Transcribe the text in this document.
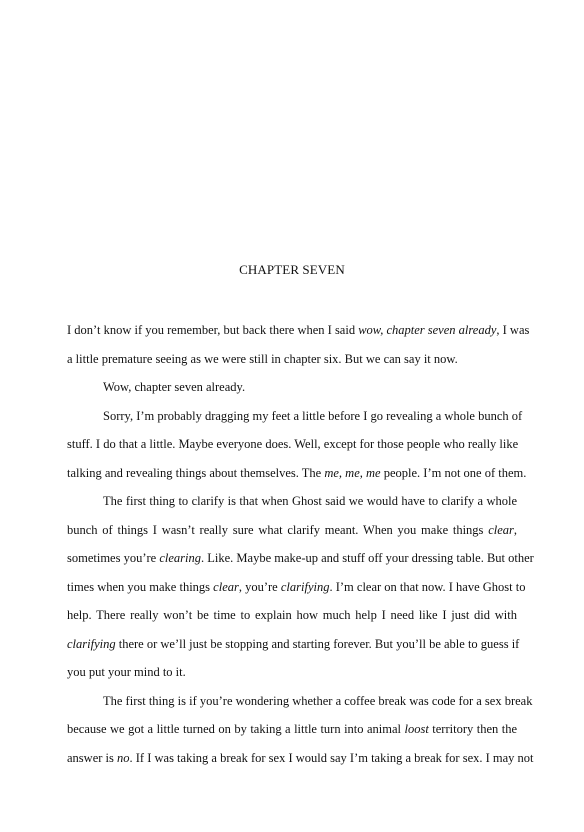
CHAPTER SEVEN
I don’t know if you remember, but back there when I said wow, chapter seven already, I was
a little premature seeing as we were still in chapter six. But we can say it now.
Wow, chapter seven already.
Sorry, I’m probably dragging my feet a little before I go revealing a whole bunch of
stuff. I do that a little. Maybe everyone does. Well, except for those people who really like
talking and revealing things about themselves. The me, me, me people. I’m not one of them.
The first thing to clarify is that when Ghost said we would have to clarify a whole
bunch of things I wasn’t really sure what clarify meant. When you make things clear,
sometimes you’re clearing. Like. Maybe make-up and stuff off your dressing table. But other
times when you make things clear, you’re clarifying. I’m clear on that now. I have Ghost to
help. There really won’t be time to explain how much help I need like I just did with
clarifying there or we’ll just be stopping and starting forever. But you’ll be able to guess if
you put your mind to it.
The first thing is if you’re wondering whether a coffee break was code for a sex break
because we got a little turned on by taking a little turn into animal loost territory then the
answer is no. If I was taking a break for sex I would say I’m taking a break for sex. I may not
